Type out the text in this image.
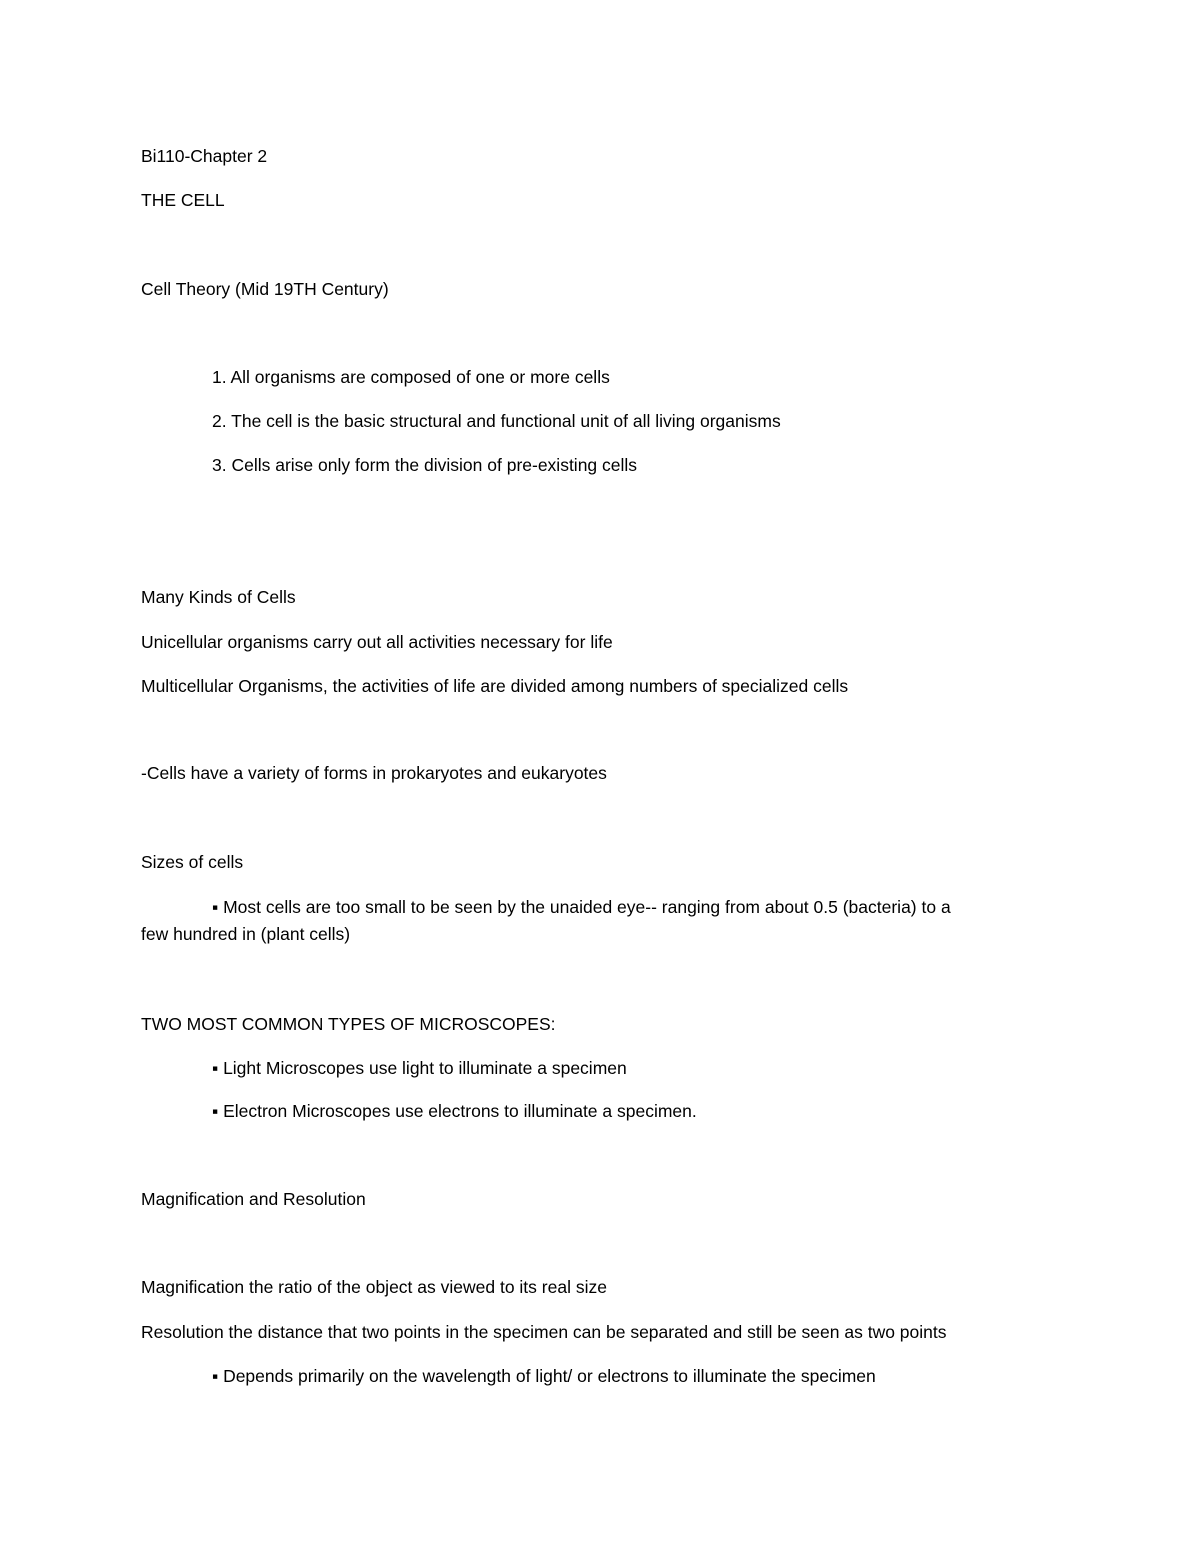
Bi110-Chapter 2
THE CELL
Cell Theory (Mid 19TH Century)
1. All organisms are composed of one or more cells
2. The cell is the basic structural and functional unit of all living organisms
3. Cells arise only form the division of pre-existing cells
Many Kinds of Cells
Unicellular organisms carry out all activities necessary for life
Multicellular Organisms, the activities of life are divided among numbers of specialized cells
-Cells have a variety of forms in prokaryotes and eukaryotes
Sizes of cells
▪ Most cells are too small to be seen by the unaided eye-- ranging from about 0.5 (bacteria) to a
few hundred in (plant cells)
TWO MOST COMMON TYPES OF MICROSCOPES:
▪ Light Microscopes use light to illuminate a specimen
▪ Electron Microscopes use electrons to illuminate a specimen.
Magnification and Resolution
Magnification the ratio of the object as viewed to its real size
Resolution the distance that two points in the specimen can be separated and still be seen as two points
▪ Depends primarily on the wavelength of light/ or electrons to illuminate the specimen
